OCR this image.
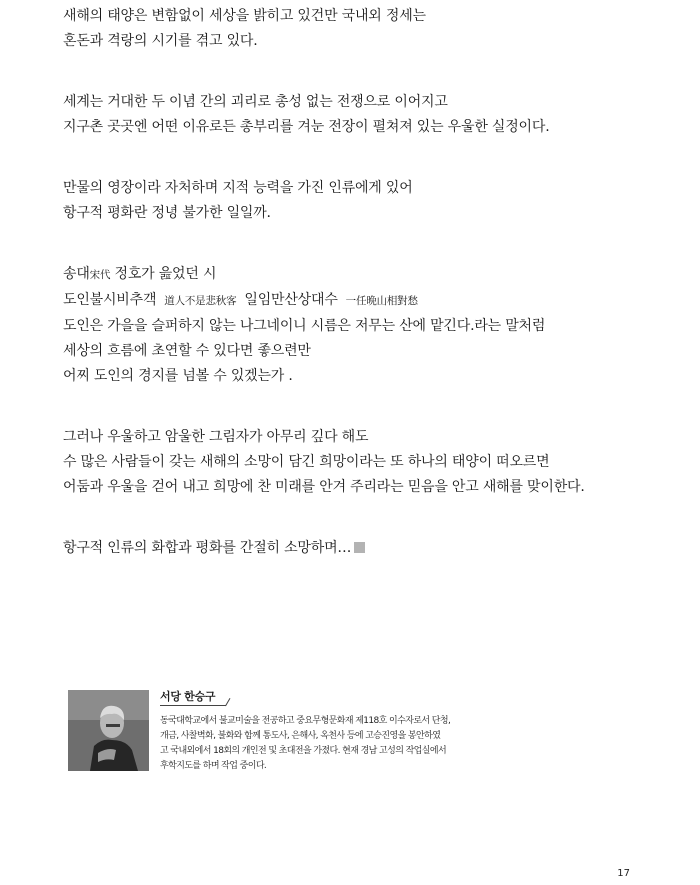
새해의 태양은 변함없이 세상을 밝히고 있건만 국내외 정세는
혼돈과 격랑의 시기를 겪고 있다.
세계는 거대한 두 이념 간의 괴리로 총성 없는 전쟁으로 이어지고
지구촌 곳곳엔 어떤 이유로든 총부리를 겨눈 전장이 펼쳐져 있는 우울한 실정이다.
만물의 영장이라 자처하며 지적 능력을 가진 인류에게 있어
항구적 평화란 정녕 불가한 일일까.
송대宋代 정호가 읊었던 시
도인불시비추객 道人不是悲秋客 일임만산상대수 一任晩山相對愁
도인은 가을을 슬퍼하지 않는 나그네이니 시름은 저무는 산에 맡긴다.라는 말처럼
세상의 흐름에 초연할 수 있다면 좋으련만
어찌 도인의 경지를 넘볼 수 있겠는가 .
그러나 우울하고 암울한 그림자가 아무리 깊다 해도
수 많은 사람들이 갖는 새해의 소망이 담긴 희망이라는 또 하나의 태양이 떠오르면
어둠과 우울을 걷어 내고 희망에 찬 미래를 안겨 주리라는 믿음을 안고 새해를 맞이한다.
항구적 인류의 화합과 평화를 간절히 소망하며…
서당 한승구
동국대학교에서 불교미술을 전공하고 중요무형문화재 제118호 이수자로서 단청,
개금, 사찰벽화, 불화와 함께 통도사, 은해사, 옥천사 등에 고승진영을 봉안하였
고 국내외에서 18회의 개인전 및 초대전을 가졌다. 현재 경남 고성의 작업실에서
후학지도를 하며 작업 중이다.
17
